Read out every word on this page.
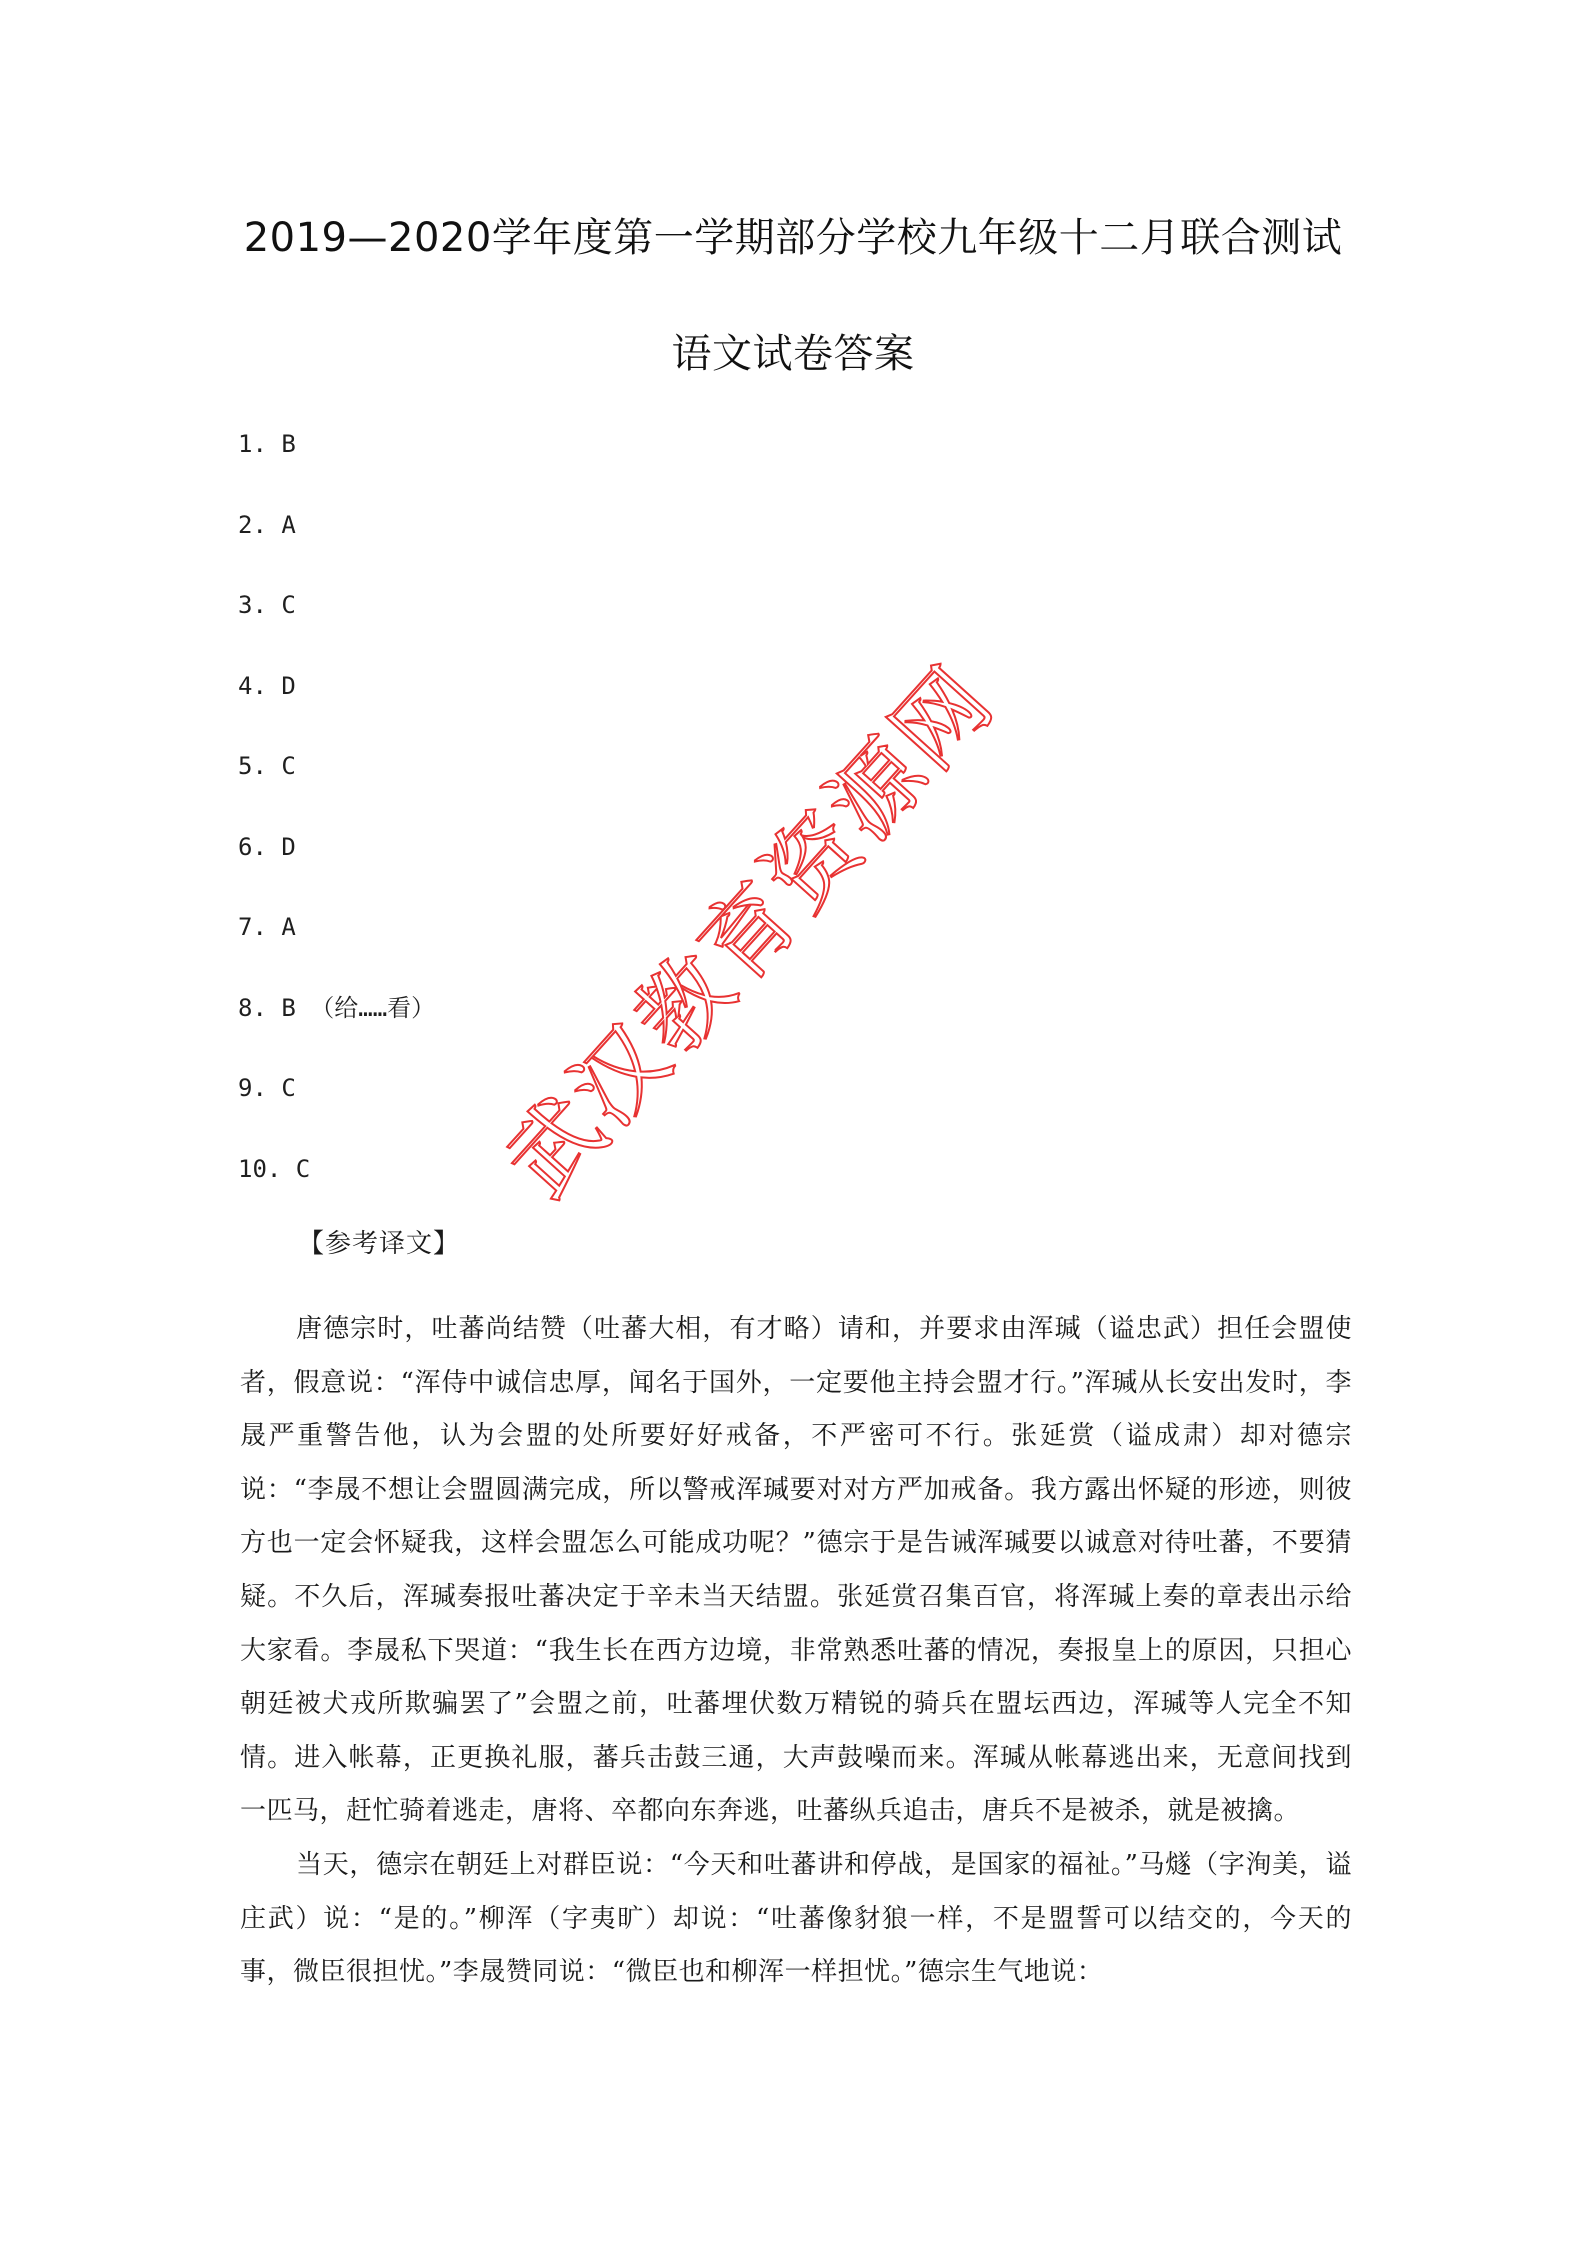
2019—2020学年度第一学期部分学校九年级十二月联合测试
语文试卷答案
1. B
2. A
3. C
4. D
5. C
6. D
7. A
8. B （给……看）
9. C
10. C
【参考译文】

唐德宗时，吐蕃尚结赞（吐蕃大相，有才略）请和，并要求由浑瑊（谥忠武）担任会盟使者，假意说：“浑侍中诚信忠厚，闻名于国外，一定要他主持会盟才行。”浑瑊从长安出发时，李晟严重警告他，认为会盟的处所要好好戒备，不严密可不行。张延赏（谥成肃）却对德宗说：“李晟不想让会盟圆满完成，所以警戒浑瑊要对对方严加戒备。我方露出怀疑的形迹，则彼方也一定会怀疑我，这样会盟怎么可能成功呢？”德宗于是告诫浑瑊要以诚意对待吐蕃，不要猜疑。不久后，浑瑊奏报吐蕃决定于辛未当天结盟。张延赏召集百官，将浑瑊上奏的章表出示给大家看。李晟私下哭道：“我生长在西方边境，非常熟悉吐蕃的情况，奏报皇上的原因，只担心朝廷被犬戎所欺骗罢了”会盟之前，吐蕃埋伏数万精锐的骑兵在盟坛西边，浑瑊等人完全不知情。进入帐幕，正更换礼服，蕃兵击鼓三通，大声鼓噪而来。浑瑊从帐幕逃出来，无意间找到一匹马，赶忙骑着逃走，唐将、卒都向东奔逃，吐蕃纵兵追击，唐兵不是被杀，就是被擒。

当天，德宗在朝廷上对群臣说：“今天和吐蕃讲和停战，是国家的福祉。”马燧（字洵美，谥庄武）说：“是的。”柳浑（字夷旷）却说：“吐蕃像豺狼一样，不是盟誓可以结交的，今天的事，微臣很担忧。”李晟赞同说：“微臣也和柳浑一样担忧。”德宗生气地说：

武汉教育资源网
